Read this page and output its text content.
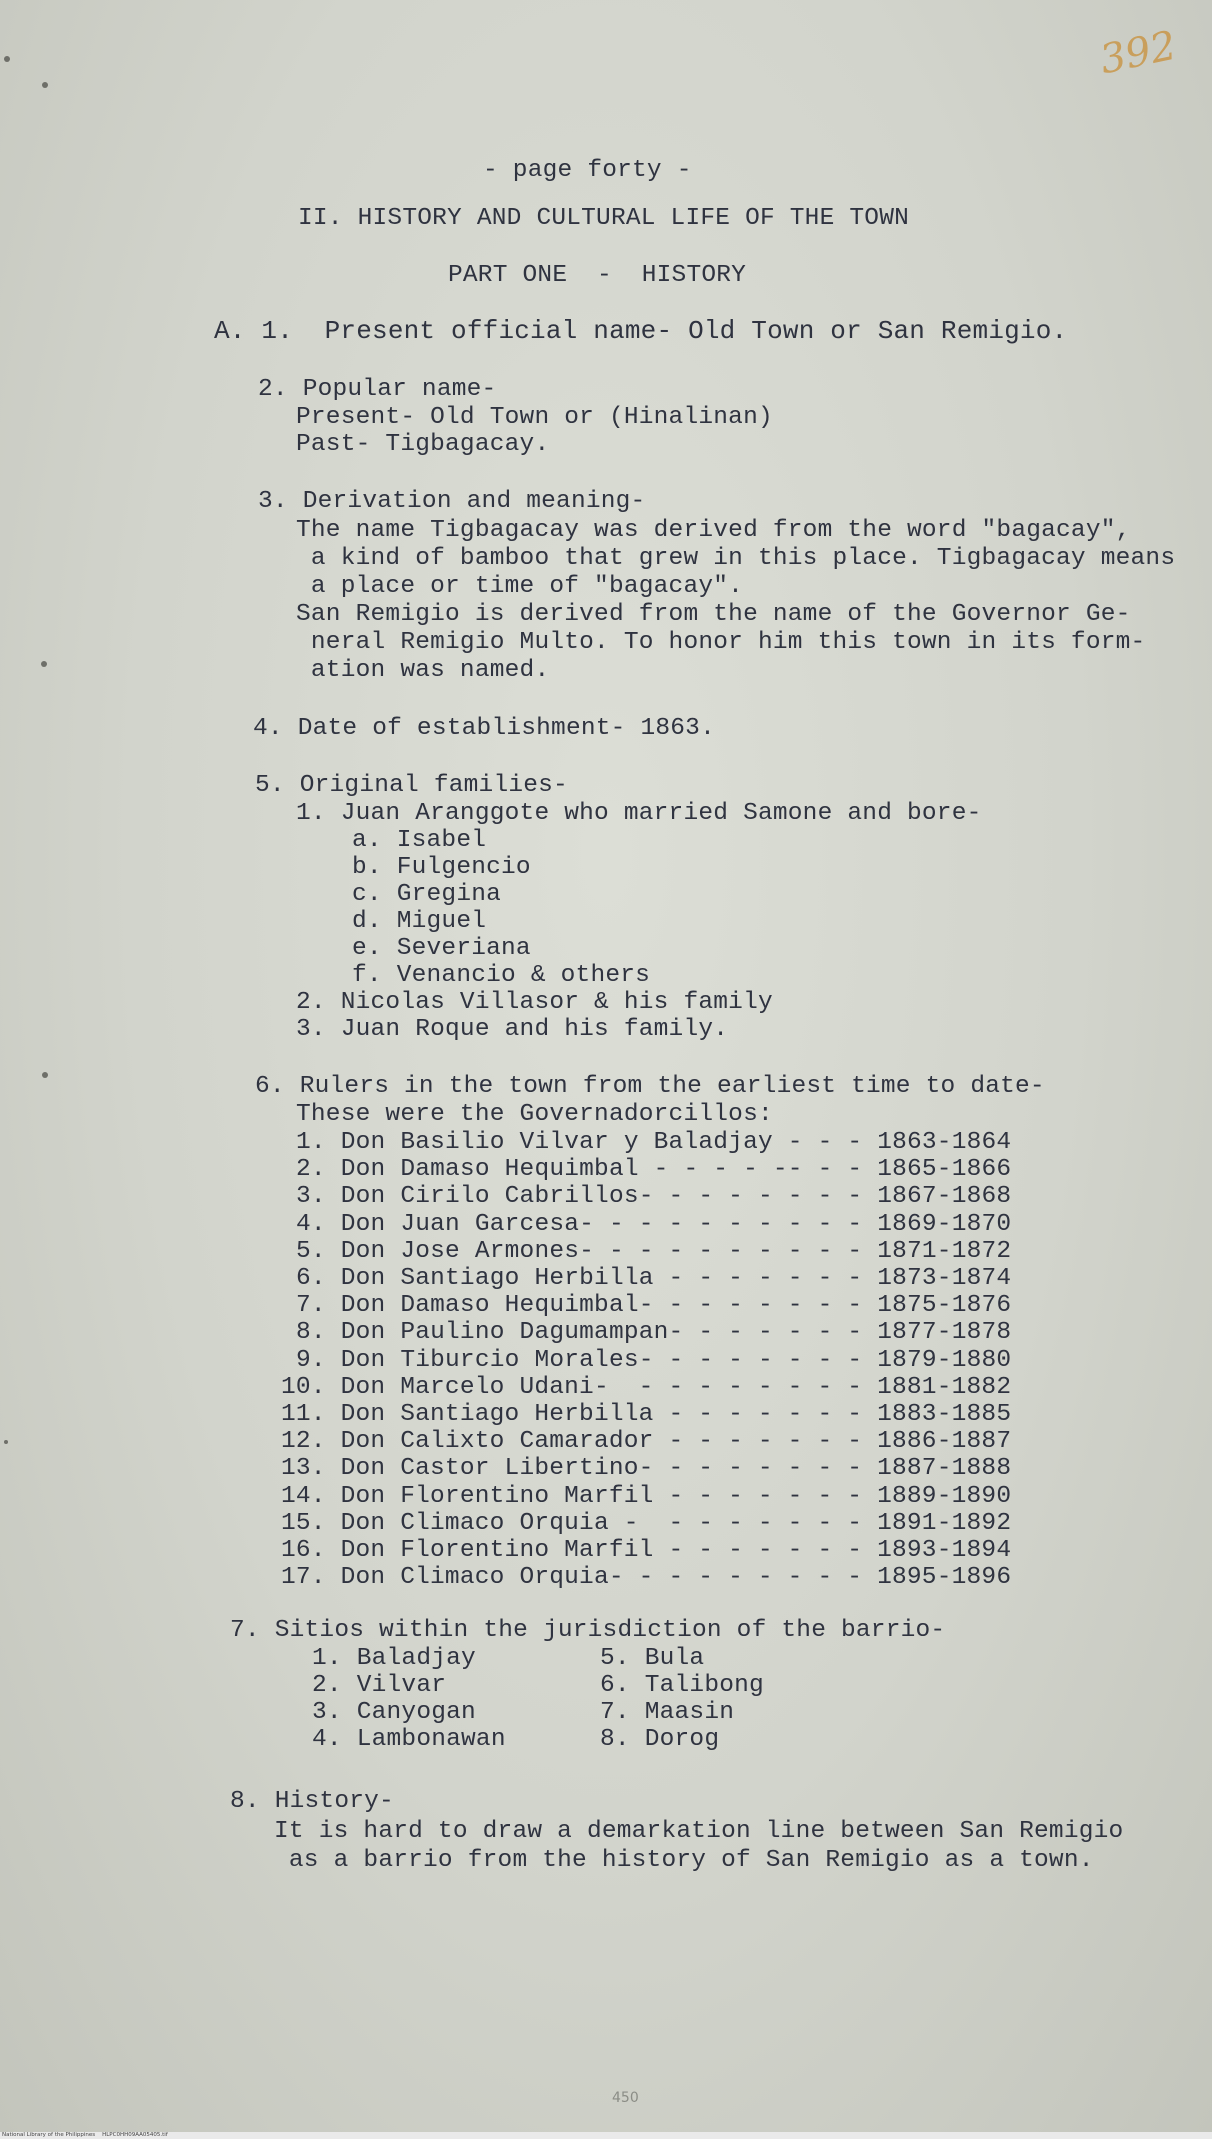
392
- page forty -
II. HISTORY AND CULTURAL LIFE OF THE TOWN
PART ONE  -  HISTORY
A. 1.  Present official name- Old Town or San Remigio.
2. Popular name-
Present- Old Town or (Hinalinan)
Past- Tigbagacay.
3. Derivation and meaning-
The name Tigbagacay was derived from the word "bagacay",
a kind of bamboo that grew in this place. Tigbagacay means
a place or time of "bagacay".
San Remigio is derived from the name of the Governor Ge-
neral Remigio Multo. To honor him this town in its form-
ation was named.
4. Date of establishment- 1863.
5. Original families-
1. Juan Aranggote who married Samone and bore-
a. Isabel
b. Fulgencio
c. Gregina
d. Miguel
e. Severiana
f. Venancio & others
2. Nicolas Villasor & his family
3. Juan Roque and his family.
6. Rulers in the town from the earliest time to date-
These were the Governadorcillos:
1. Don Basilio Vilvar y Baladjay - - - 1863-1864
2. Don Damaso Hequimbal - - - - -- - - 1865-1866
3. Don Cirilo Cabrillos- - - - - - - - 1867-1868
4. Don Juan Garcesa- - - - - - - - - - 1869-1870
5. Don Jose Armones- - - - - - - - - - 1871-1872
6. Don Santiago Herbilla - - - - - - - 1873-1874
7. Don Damaso Hequimbal- - - - - - - - 1875-1876
8. Don Paulino Dagumampan- - - - - - - 1877-1878
9. Don Tiburcio Morales- - - - - - - - 1879-1880
10. Don Marcelo Udani-  - - - - - - - - 1881-1882
11. Don Santiago Herbilla - - - - - - - 1883-1885
12. Don Calixto Camarador - - - - - - - 1886-1887
13. Don Castor Libertino- - - - - - - - 1887-1888
14. Don Florentino Marfil - - - - - - - 1889-1890
15. Don Climaco Orquia -  - - - - - - - 1891-1892
16. Don Florentino Marfil - - - - - - - 1893-1894
17. Don Climaco Orquia- - - - - - - - - 1895-1896
7. Sitios within the jurisdiction of the barrio-
1. Baladjay
2. Vilvar
3. Canyogan
4. Lambonawan
5. Bula
6. Talibong
7. Maasin
8. Dorog
8. History-
It is hard to draw a demarkation line between San Remigio
as a barrio from the history of San Remigio as a town.
450
National Library of the Philippines    HLPC0HH09AA05405.tif
